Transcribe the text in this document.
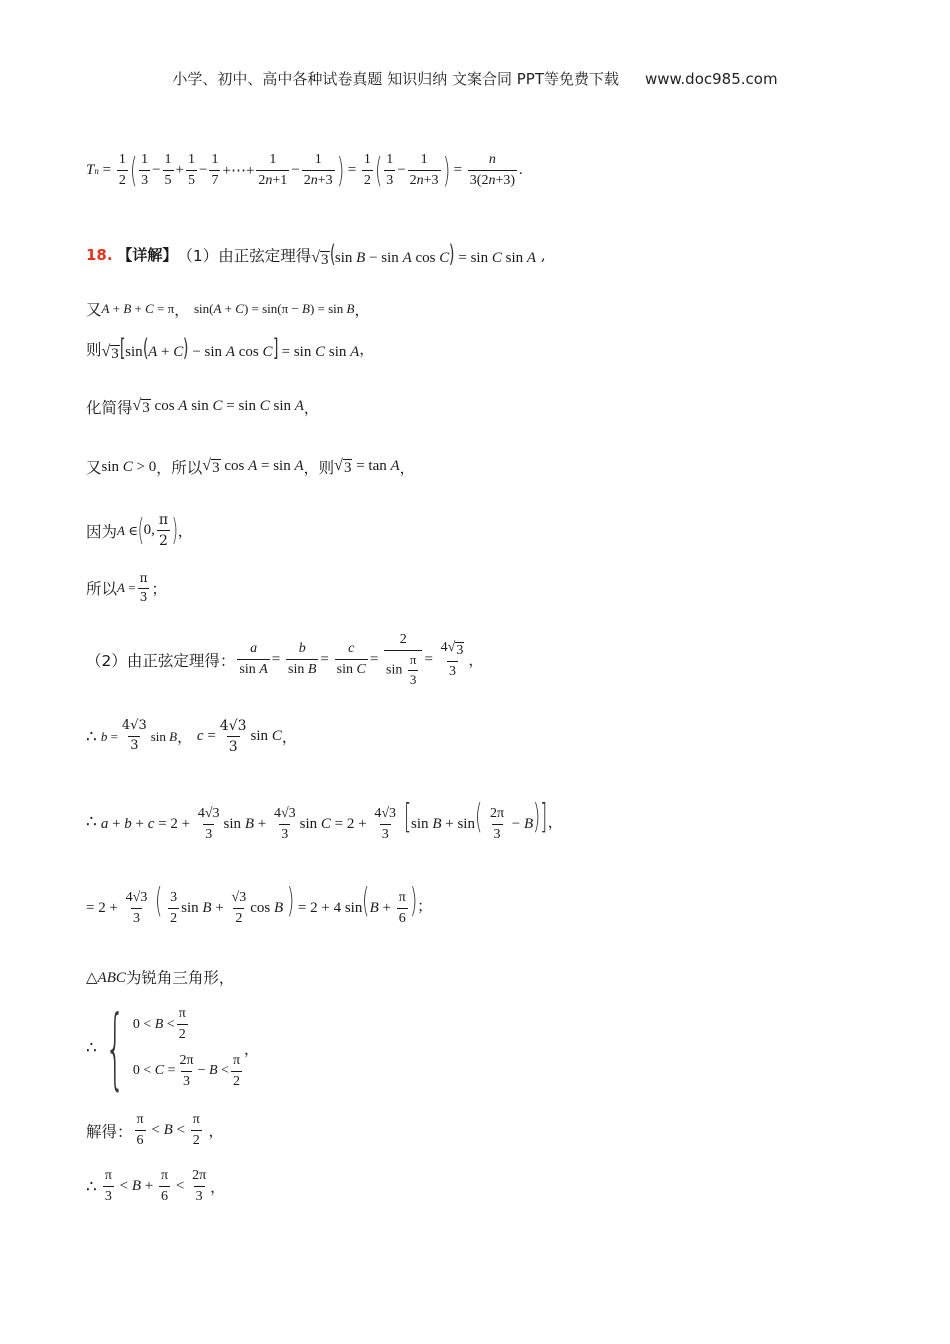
小学、初中、高中各种试卷真题 知识归纳 文案合同 PPT等免费下载 www.doc985.com
T $n = \frac{1}{2}$ ( $\frac{1}{3} - \frac{1}{5} + \frac{1}{5} - \frac{1}{7}$ +⋯+ $\frac{1}{2n+1} - \frac{1}{2n+3}$ ) = $\frac{1}{2}$ ( $\frac{1}{3} - \frac{1}{2n+3}$ ) = $\frac{n}{3(2n+3)}$ .
18.
【详解】 （1）由正弦定理得 √ 3 (sin B − sin A cos C) = sin C sin A ,
又 A + B + C = π ， sin(A + C) = sin(π − B) = sin B ，
则 √ 3 [sin(A + C) − sin A cos C] = sin C sin A ，
化简得 √ 3 cos A sin C = sin C sin A ，
又 sin C > 0 ， 所以 √ 3 cos A = sin A ， 则 √ 3 = tan A ，
因为 A ∈ ( 0, $\frac{\pi}{2}$ ) ，
所以 $A = \frac{\pi}{3}$ ；
（2）由正弦定理得： $\frac{a}{\text{sin A}} = \frac{b}{\text{sin B}} = \frac{c}{\text{sin C}} = \frac{2}{\sin \frac{\pi}{3}} = \frac{4 √ 3}{3}$ ，
∴ $b = \frac{4√3}{3}$ sin B ， $c = \frac{4√3}{3}$ sin C ，
∴ $a + b + c = 2 + \frac{4√3}{3}$ $\sin B + \frac{4√3}{3}$ $\sin C = 2 + \frac{4√3}{3} [\sin$ $B + \sin( \frac{2\pi}{3} - B)$] ，
= $2 + \frac{4√3}{3}$ ( $\frac{3}{2}$ $\sin B + \frac{√3}{2}$ cos B ) = 2 + 4 $\sin(B + \frac{\pi}{6}$ ) ；
△ABC 为锐角三角形，
∴ { $0 < B < \frac{\pi}{2}$
$0 < C = \frac{2\pi}{3} - B < \frac{\pi}{2}$
，
解得： $\frac{\pi}{6} < B < \frac{\pi}{2}$ ，
∴ $\frac{\pi}{3} < B + \frac{\pi}{6} < \frac{2\pi}{3}$ ，
